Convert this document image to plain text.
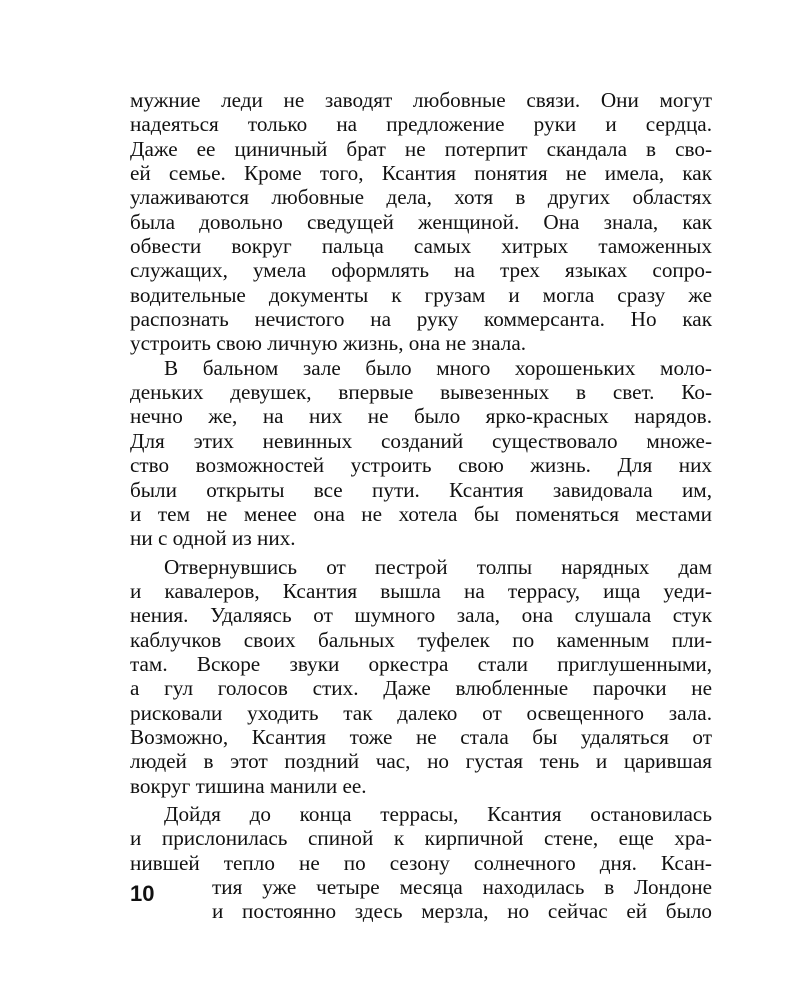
мужние леди не заводят любовные связи. Они могут
надеяться только на предложение руки и сердца.
Даже ее циничный брат не потерпит скандала в сво-
ей семье. Кроме того, Ксантия понятия не имела, как
улаживаются любовные дела, хотя в других областях
была довольно сведущей женщиной. Она знала, как
обвести вокруг пальца самых хитрых таможенных
служащих, умела оформлять на трех языках сопро-
водительные документы к грузам и могла сразу же
распознать нечистого на руку коммерсанта. Но как
устроить свою личную жизнь, она не знала.
В бальном зале было много хорошеньких моло-
деньких девушек, впервые вывезенных в свет. Ко-
нечно же, на них не было ярко-красных нарядов.
Для этих невинных созданий существовало множе-
ство возможностей устроить свою жизнь. Для них
были открыты все пути. Ксантия завидовала им,
и тем не менее она не хотела бы поменяться местами
ни с одной из них.
Отвернувшись от пестрой толпы нарядных дам
и кавалеров, Ксантия вышла на террасу, ища уеди-
нения. Удаляясь от шумного зала, она слушала стук
каблучков своих бальных туфелек по каменным пли-
там. Вскоре звуки оркестра стали приглушенными,
а гул голосов стих. Даже влюбленные парочки не
рисковали уходить так далеко от освещенного зала.
Возможно, Ксантия тоже не стала бы удаляться от
людей в этот поздний час, но густая тень и царившая
вокруг тишина манили ее.
Дойдя до конца террасы, Ксантия остановилась
и прислонилась спиной к кирпичной стене, еще хра-
нившей тепло не по сезону солнечного дня. Ксан-
тия уже четыре месяца находилась в Лондоне
и постоянно здесь мерзла, но сейчас ей было
10
